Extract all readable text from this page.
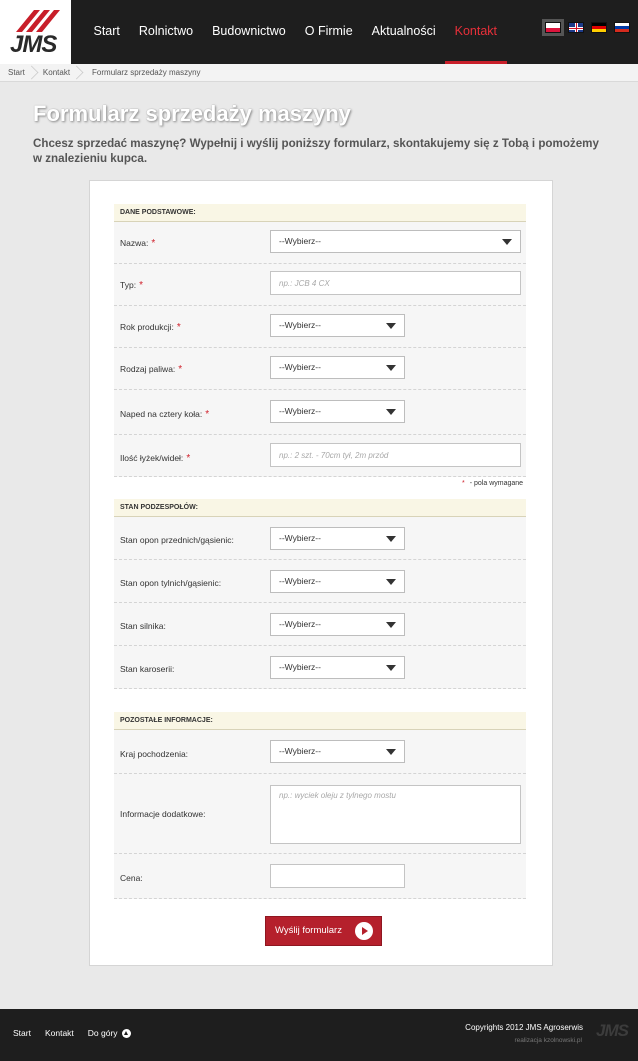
JMS	Start	Rolnictwo	Budownictwo	O Firmie	Aktualności	Kontakt
Start	Kontakt	Formularz sprzedaży maszyny
Formularz sprzedaży maszyny
Chcesz sprzedać maszynę? Wypełnij i wyślij poniższy formularz, skontakujemy się z Tobą i pomożemy w znalezieniu kupca.
DANE PODSTAWOWE:
Nazwa: *	--Wybierz--
Typ: *
np.: JCB 4 CX
Rok produkcji: *	--Wybierz--
Rodzaj paliwa: *	--Wybierz--
Naped na cztery koła: *	--Wybierz--
Ilość łyżek/wideł: *
np.: 2 szt. - 70cm tył, 2m przód
* - pola wymagane
STAN PODZESPOŁÓW:
Stan opon przednich/gąsienic:	--Wybierz--
Stan opon tylnich/gąsienic:	--Wybierz--
Stan silnika:	--Wybierz--
Stan karoserii:	--Wybierz--
POZOSTAŁE INFORMACJE:
Kraj pochodzenia:	--Wybierz--
Informacje dodatkowe:
np.: wyciek oleju z tylnego mostu
Cena:
Wyślij formularz
Start Kontakt Do góry
Copyrights 2012 JMS Agroserwis
realizacja kzolnowski.pl
JMS
